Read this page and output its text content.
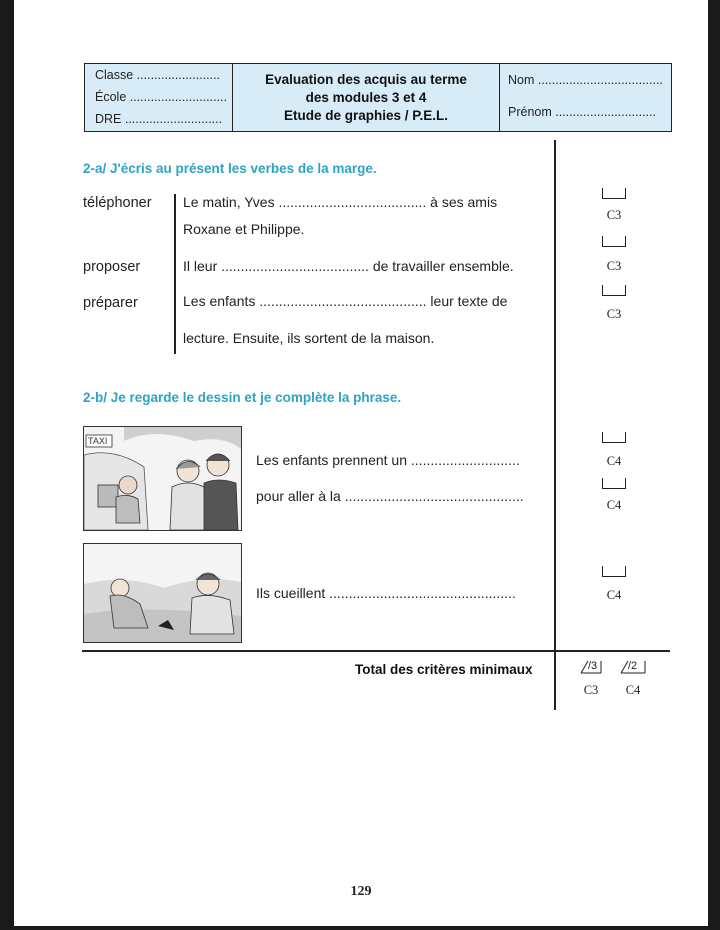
Classe ........................
École ............................
DRE ............................
Evaluation des acquis au terme
des modules 3 et 4
Etude de graphies / P.E.L.
Nom ....................................
Prénom .............................
2-a/ J'écris au présent les verbes de la marge.
téléphoner
proposer
préparer
Le matin, Yves ...................................... à ses amis
Roxane et Philippe.
Il leur ...................................... de travailler ensemble.
Les enfants ........................................... leur texte de
lecture. Ensuite, ils sortent de la maison.
C3
C3
C3
2-b/ Je regarde le dessin et je complète la phrase.
TAXI
Les enfants prennent un ............................
pour aller à la ..............................................
Ils cueillent ................................................
C4
C4
C4
Total des critères minimaux	/3	/2
C3	C4
129
